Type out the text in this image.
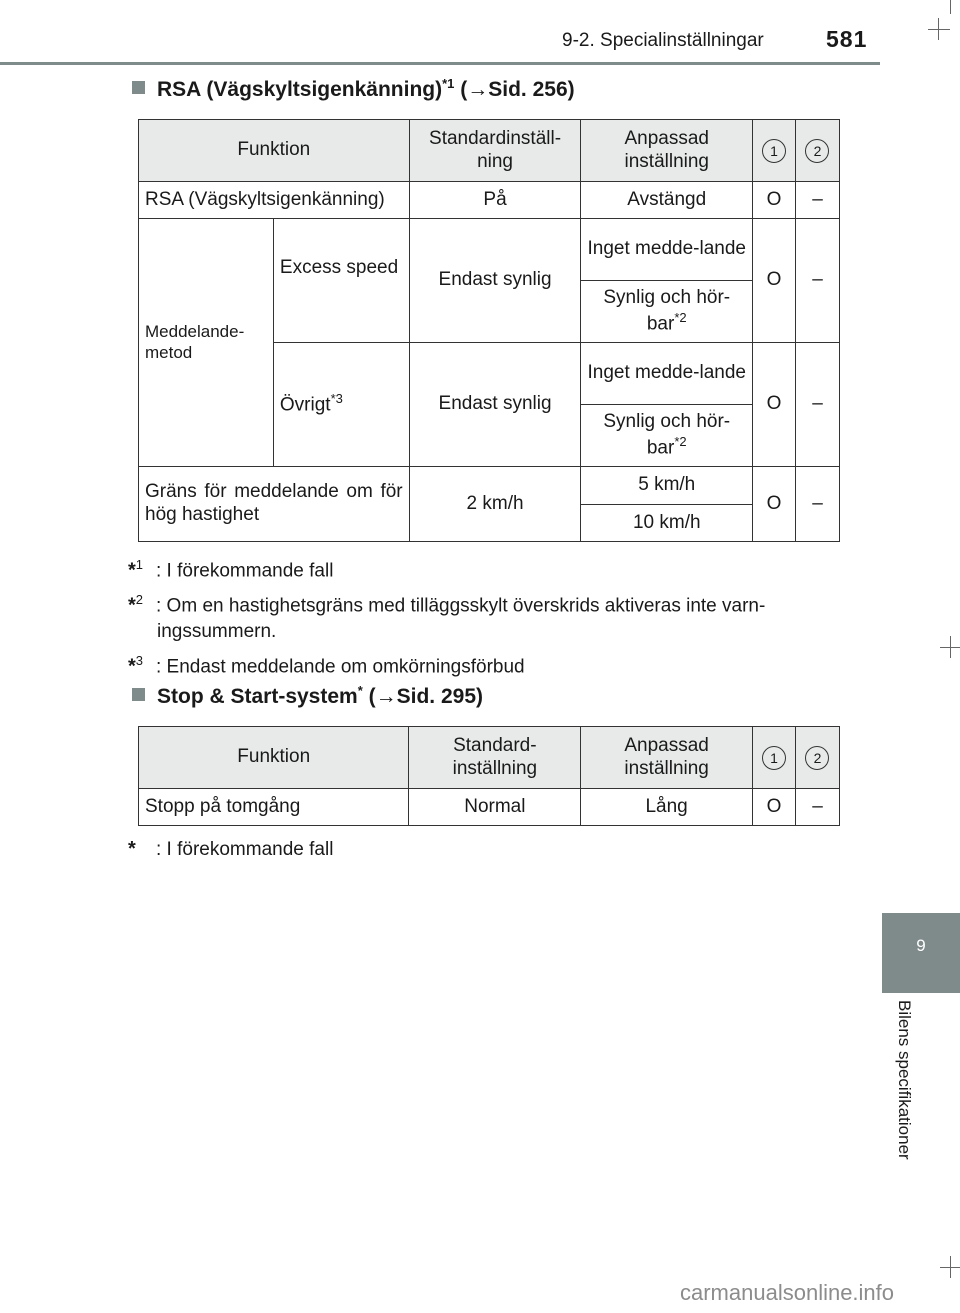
9-2. Specialinställningar	581
9
Bilens specifikationer
RSA (Vägskyltsigenkänning)$^{*1}$ (→Sid. 256)
Funktion		Standardinställ-ning	Anpassad inställning	1	2
RSA (Vägskyltsigenkänning)		På	Avstängd	O	–
Meddelande-metod	Excess speed	Endast synlig	Inget medde-lande	O	–
			Synlig och hör-bar$^{*2}$
	Övrigt$^{*3}$	Endast synlig	Inget medde-lande	O	–
			Synlig och hör-bar$^{*2}$
Gräns för meddelande om för hög hastighet		2 km/h	5 km/h	O	–
			10 km/h		
*$^1$ : I förekommande fall
*$^2$ : Om en hastighetsgräns med tilläggsskylt överskrids aktiveras inte varn-
ingssummern.
*$^3$ : Endast meddelande om omkörningsförbud
Stop & Start-system* (→Sid. 295)
Funktion	Standard-inställning	Anpassad inställning	1	2
Stopp på tomgång	Normal	Lång	O	–
* : I förekommande fall
carmanualsonline.info
